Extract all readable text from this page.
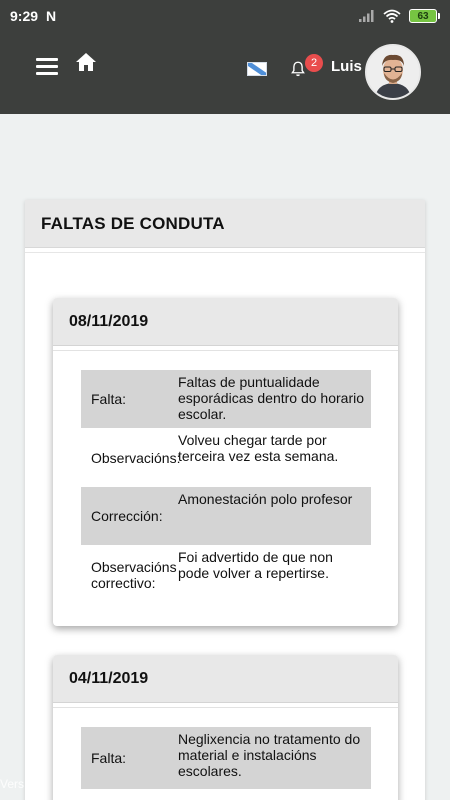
9:29 N	63
2 Luis
FALTAS DE CONDUTA
08/11/2019
Falta:
Faltas de puntualidade esporádicas dentro do horario escolar.
Observacións:
Volveu chegar tarde por terceira vez esta semana.
Corrección:
Amonestación polo profesor
Observacións correctivo:
Foi advertido de que non pode volver a repertirse.
04/11/2019
Falta:
Neglixencia no tratamento do material e instalacións escolares.
Vers
